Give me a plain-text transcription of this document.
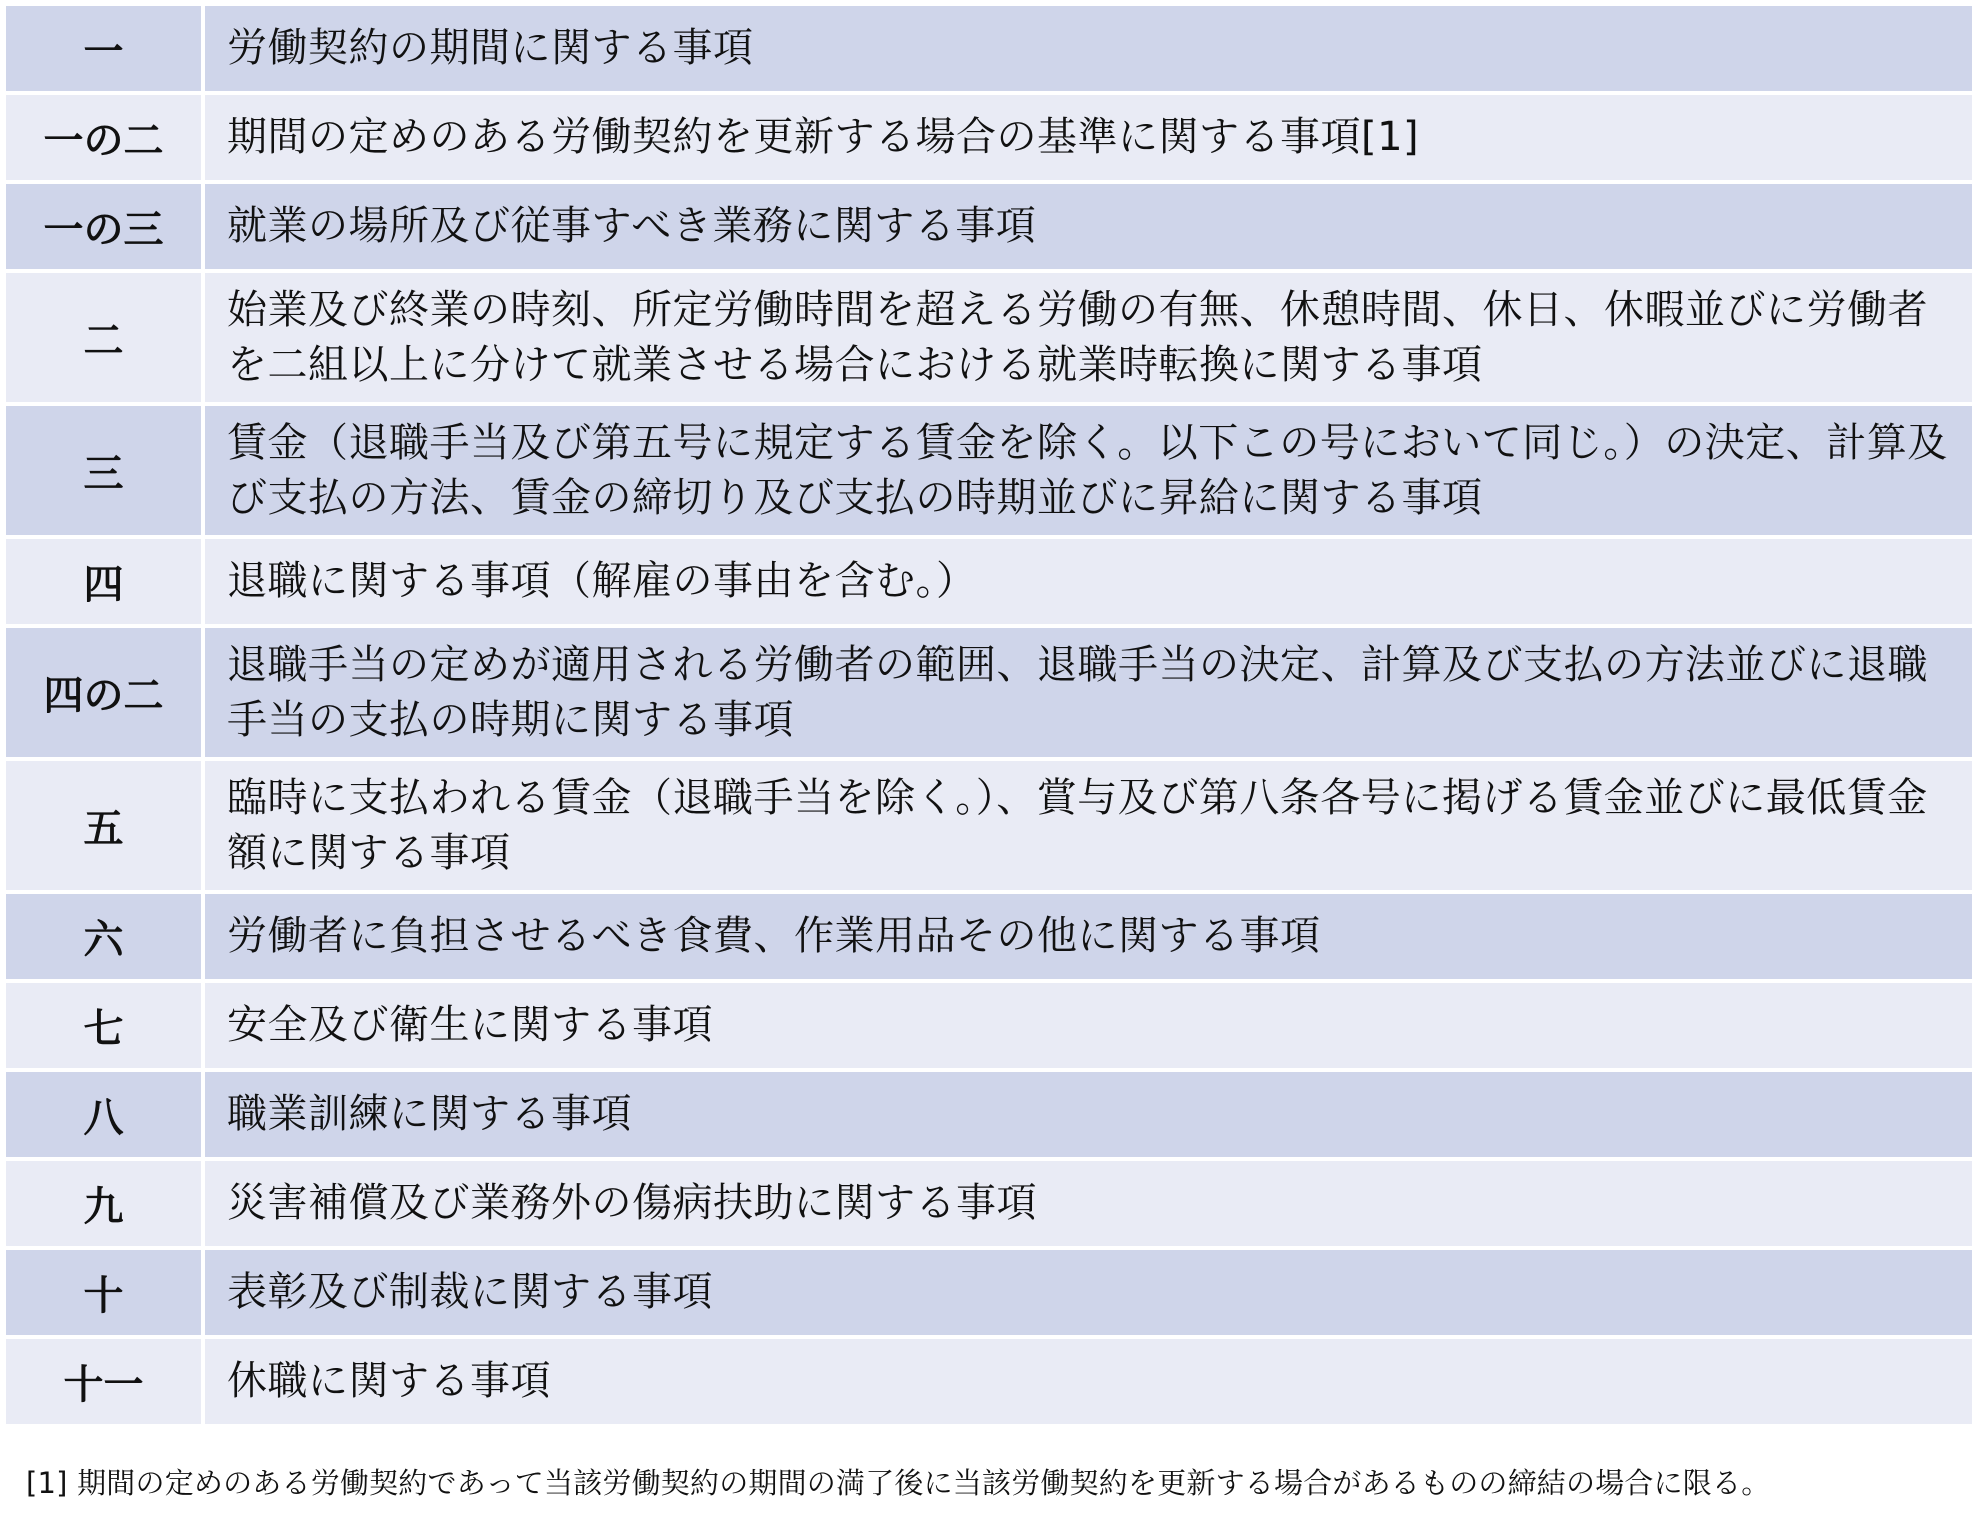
一	労働契約の期間に関する事項
一の二	期間の定めのある労働契約を更新する場合の基準に関する事項[1]
一の三	就業の場所及び従事すべき業務に関する事項
二	始業及び終業の時刻、所定労働時間を超える労働の有無、休憩時間、休日、休暇並びに労働者を二組以上に分けて就業させる場合における就業時転換に関する事項
三	賃金（退職手当及び第五号に規定する賃金を除く。以下この号において同じ。）の決定、計算及び支払の方法、賃金の締切り及び支払の時期並びに昇給に関する事項
四	退職に関する事項（解雇の事由を含む。）
四の二	退職手当の定めが適用される労働者の範囲、退職手当の決定、計算及び支払の方法並びに退職手当の支払の時期に関する事項
五	臨時に支払われる賃金（退職手当を除く。）、賞与及び第八条各号に掲げる賃金並びに最低賃金額に関する事項
六	労働者に負担させるべき食費、作業用品その他に関する事項
七	安全及び衛生に関する事項
八	職業訓練に関する事項
九	災害補償及び業務外の傷病扶助に関する事項
十	表彰及び制裁に関する事項
十一	休職に関する事項
[1] 期間の定めのある労働契約であって当該労働契約の期間の満了後に当該労働契約を更新する場合があるものの締結の場合に限る。
